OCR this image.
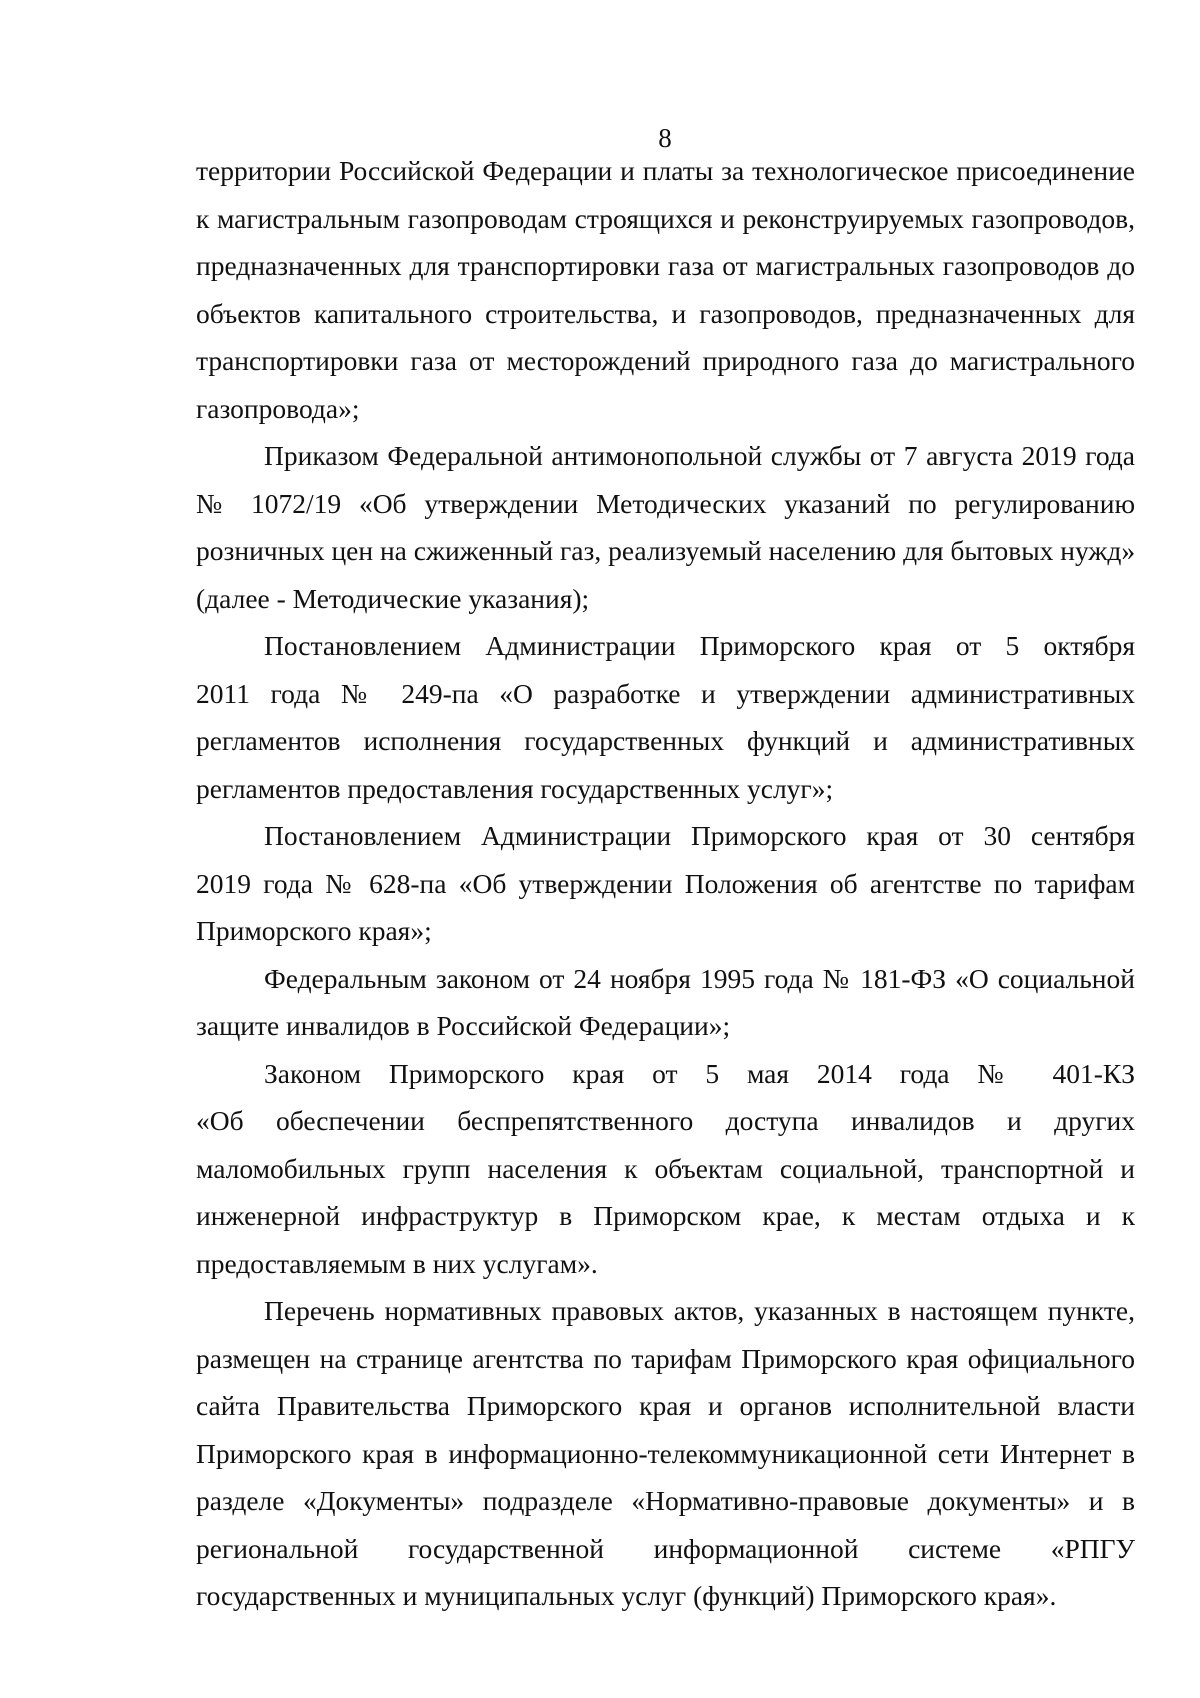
8
территории Российской Федерации и платы за технологическое присоединение
к магистральным газопроводам строящихся и реконструируемых газопроводов,
предназначенных для транспортировки газа от магистральных газопроводов до
объектов капитального строительства, и газопроводов, предназначенных для
транспортировки газа от месторождений природного газа до магистрального
газопровода»;
Приказом Федеральной антимонопольной службы от 7 августа 2019 года
№ 1072/19 «Об утверждении Методических указаний по регулированию
розничных цен на сжиженный газ, реализуемый населению для бытовых нужд»
(далее - Методические указания);
Постановлением Администрации Приморского края от 5 октября
2011 года № 249-па «О разработке и утверждении административных
регламентов исполнения государственных функций и административных
регламентов предоставления государственных услуг»;
Постановлением Администрации Приморского края от 30 сентября
2019 года № 628-па «Об утверждении Положения об агентстве по тарифам
Приморского края»;
Федеральным законом от 24 ноября 1995 года № 181-ФЗ «О социальной
защите инвалидов в Российской Федерации»;
Законом Приморского края от 5 мая 2014 года № 401-КЗ
«Об обеспечении беспрепятственного доступа инвалидов и других
маломобильных групп населения к объектам социальной, транспортной и
инженерной инфраструктур в Приморском крае, к местам отдыха и к
предоставляемым в них услугам».
Перечень нормативных правовых актов, указанных в настоящем пункте,
размещен на странице агентства по тарифам Приморского края официального
сайта Правительства Приморского края и органов исполнительной власти
Приморского края в информационно-телекоммуникационной сети Интернет в
разделе «Документы» подразделе «Нормативно-правовые документы» и в
региональной государственной информационной системе «РПГУ
государственных и муниципальных услуг (функций) Приморского края».
